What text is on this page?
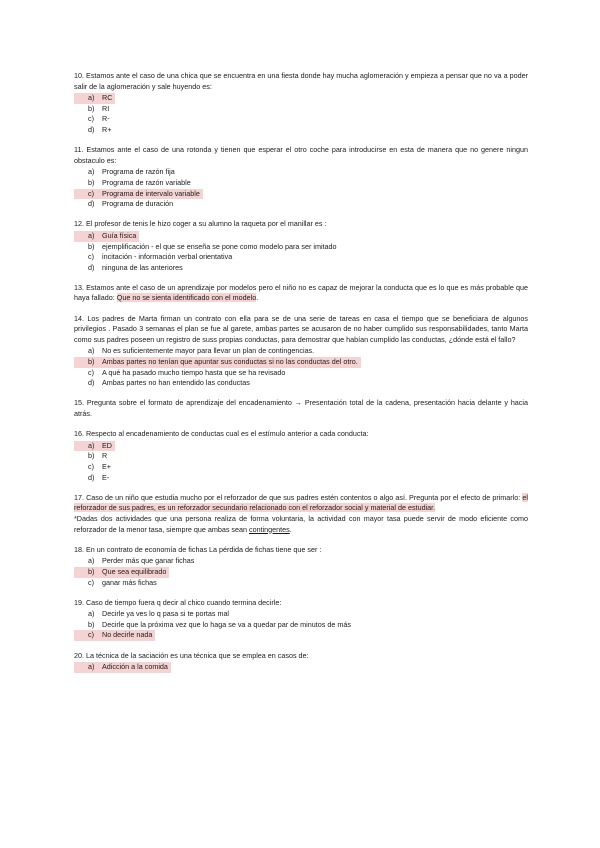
10. Estamos ante el caso de una chica que se encuentra en una fiesta donde hay mucha aglomeración y empieza a pensar que no va a poder salir de la aglomeración y sale huyendo es:

a)	RC
b)	RI
c)	R-
d)	R+

11. Estamos ante el caso de una rotonda y tienen que esperar el otro coche para introducirse en esta de manera que no genere ningun obstaculo es:

a)	Programa de razón fija
b)	Programa de razón variable
c)	Programa de intervalo variable
d)	Programa de duración

12. El profesor de tenis le hizo coger a su alumno la raqueta por el manillar es :

a)	Guía física
b)	ejemplificación - el que se enseña se pone como modelo para ser imitado
c)	incitación - información verbal orientativa
d)	ninguna de las anteriores

13. Estamos ante el caso de un aprendizaje por modelos pero el niño no es capaz de mejorar la conducta que es lo que es más probable que haya fallado: Que no se sienta identificado con el modelo.

14. Los padres de Marta firman un contrato con ella para se de una serie de tareas en casa el tiempo que se beneficiara de algunos privilegios . Pasado 3 semanas el plan se fue al garete, ambas partes se acusaron de no haber cumplido sus responsabilidades, tanto Marta como sus padres poseen un registro de suss propias conductas, para demostrar que habían cumplido las conductas, ¿dónde está el fallo?

a)	No es suficientemente mayor para llevar un plan de contingencias.
b)	Ambas partes no tenían que apuntar sus conductas si no las conductas del otro.
c)	A qué ha pasado mucho tiempo hasta que se ha revisado
d)	Ambas partes no han entendido las conductas

15. Pregunta sobre el formato de aprendizaje del encadenamiento → Presentación total de la cadena, presentación hacia delante y hacia atrás.

16. Respecto al encadenamiento de conductas cual es el estímulo anterior a cada conducta:

a)	ED
b)	R
c)	E+
d)	E-

17. Caso de un niño que estudia mucho por el reforzador de que sus padres estén contentos o algo así. Pregunta por el efecto de primarlo: el reforzador de sus padres, es un reforzador secundario relacionado con el reforzador social y material de estudiar.

*Dadas dos actividades que una persona realiza de forma voluntaria, la actividad con mayor tasa puede servir de modo eficiente como reforzador de la menor tasa, siempre que ambas sean contingentes.

18. En un contrato de economía de fichas La pérdida de fichas tiene que ser :

a)	Perder más que ganar fichas
b)	Que sea equilibrado
c)	ganar más fichas

19. Caso de tiempo fuera q decir al chico cuando termina decirle:

a)	Decirle ya ves lo q pasa si te portas mal
b)	Decirle que la próxima vez que lo haga se va a quedar par de minutos de más
c)	No decirle nada

20. La técnica de la saciación es una técnica que se emplea en casos de:

a)	Adicción a la comida
